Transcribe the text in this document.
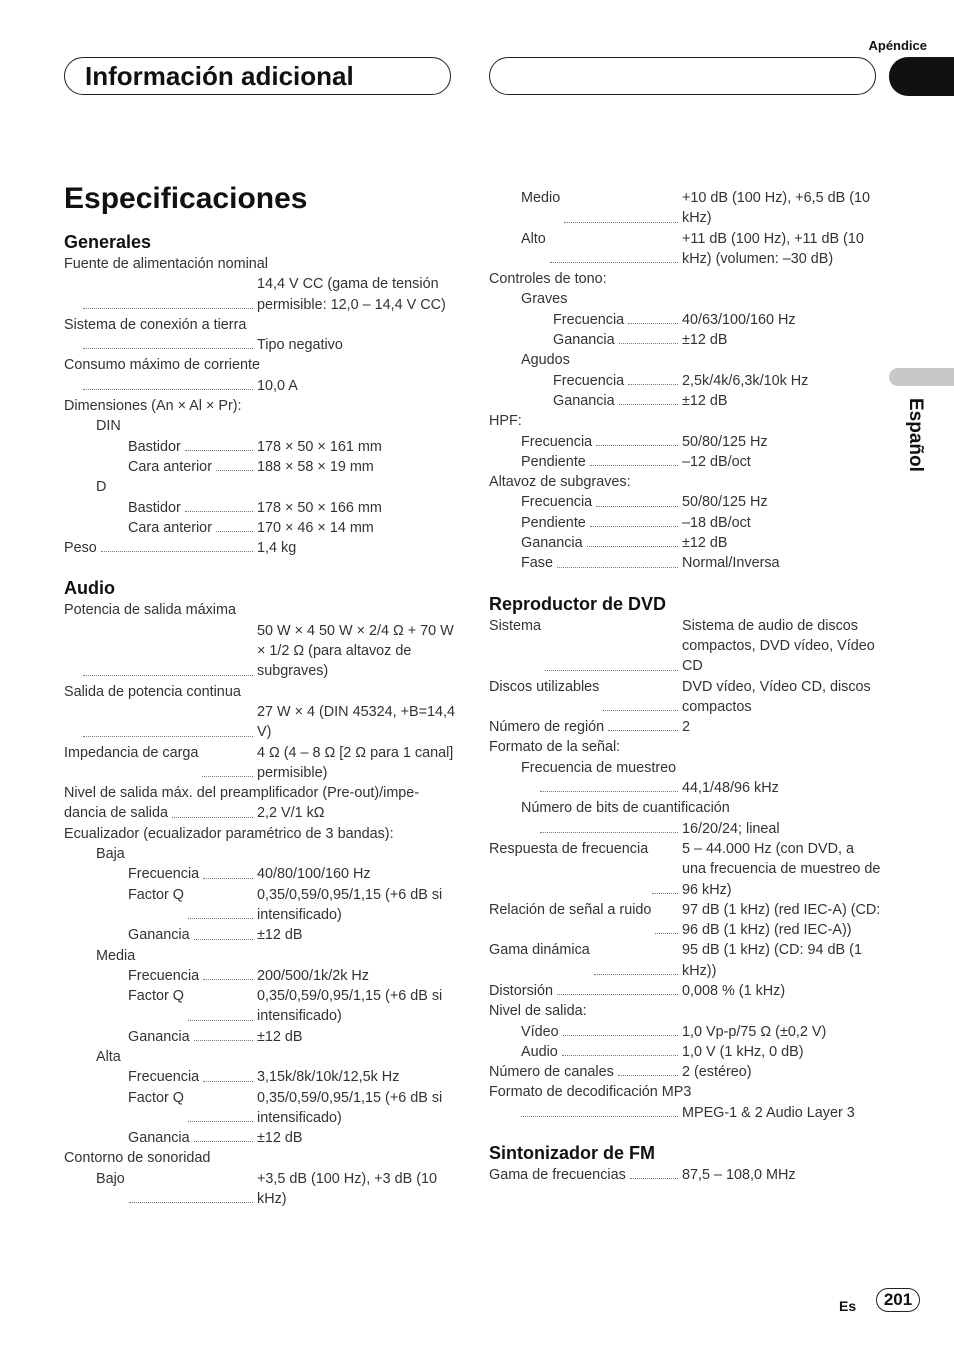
Apéndice
Información adicional
Español
Especificaciones
Generales
Fuente de alimentación nominal
14,4 V CC (gama de tensión permisible: 12,0 – 14,4 V CC)
Sistema de conexión a tierra
Tipo negativo
Consumo máximo de corriente
10,0 A
Dimensiones (An × Al × Pr):
DIN
Bastidor	178 × 50 × 161 mm
Cara anterior	188 × 58 × 19 mm
D
Bastidor	178 × 50 × 166 mm
Cara anterior	170 × 46 × 14 mm
Peso	1,4 kg
Audio
Potencia de salida máxima
50 W × 4 50 W × 2/4 Ω + 70 W × 1/2 Ω (para altavoz de subgraves)
Salida de potencia continua
27 W × 4 (DIN 45324, +B=14,4 V)
Impedancia de carga	4 Ω (4 – 8 Ω [2 Ω para 1 canal] permisible)
Nivel de salida máx. del preamplificador (Pre-out)/impe-
dancia de salida	2,2 V/1 kΩ
Ecualizador (ecualizador paramétrico de 3 bandas):
Baja
Frecuencia	40/80/100/160 Hz
Factor Q	0,35/0,59/0,95/1,15 (+6 dB si intensificado)
Ganancia	±12 dB
Media
Frecuencia	200/500/1k/2k Hz
Factor Q	0,35/0,59/0,95/1,15 (+6 dB si intensificado)
Ganancia	±12 dB
Alta
Frecuencia	3,15k/8k/10k/12,5k Hz
Factor Q	0,35/0,59/0,95/1,15 (+6 dB si intensificado)
Ganancia	±12 dB
Contorno de sonoridad
Bajo	+3,5 dB (100 Hz), +3 dB (10 kHz)
Medio	+10 dB (100 Hz), +6,5 dB (10 kHz)
Alto	+11 dB (100 Hz), +11 dB (10 kHz) (volumen: –30 dB)
Controles de tono:
Graves
Frecuencia	40/63/100/160 Hz
Ganancia	±12 dB
Agudos
Frecuencia	2,5k/4k/6,3k/10k Hz
Ganancia	±12 dB
HPF:
Frecuencia	50/80/125 Hz
Pendiente	–12 dB/oct
Altavoz de subgraves:
Frecuencia	50/80/125 Hz
Pendiente	–18 dB/oct
Ganancia	±12 dB
Fase	Normal/Inversa
Reproductor de DVD
Sistema	Sistema de audio de discos compactos, DVD vídeo, Vídeo CD
Discos utilizables	DVD vídeo, Vídeo CD, discos compactos
Número de región	2
Formato de la señal:
Frecuencia de muestreo
44,1/48/96 kHz
Número de bits de cuantificación
16/20/24; lineal
Respuesta de frecuencia 5 – 44.000 Hz (con DVD, a una frecuencia de muestreo de 96 kHz)
Relación de señal a ruido 97 dB (1 kHz) (red IEC-A) (CD: 96 dB (1 kHz) (red IEC-A))
Gama dinámica	95 dB (1 kHz) (CD: 94 dB (1 kHz))
Distorsión	0,008 % (1 kHz)
Nivel de salida:
Vídeo	1,0 Vp-p/75 Ω (±0,2 V)
Audio	1,0 V (1 kHz, 0 dB)
Número de canales	2 (estéreo)
Formato de decodificación MP3
MPEG-1 & 2 Audio Layer 3
Sintonizador de FM
Gama de frecuencias	87,5 – 108,0 MHz
Es	201
